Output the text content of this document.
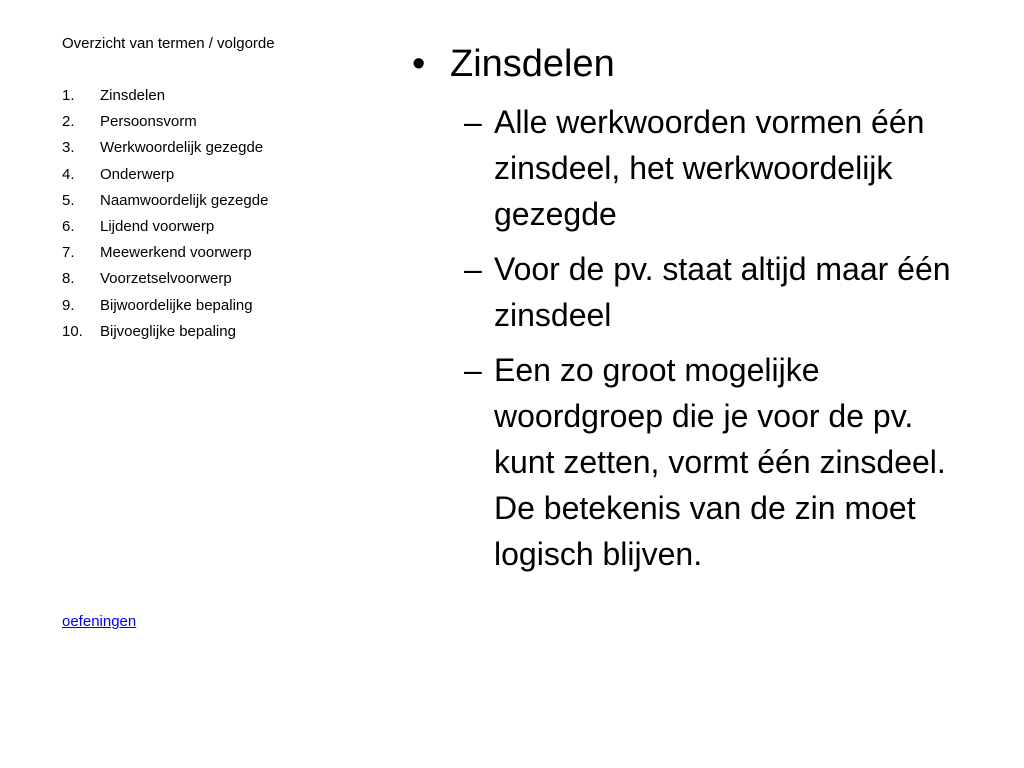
Overzicht van termen / volgorde
1.	Zinsdelen
2.	Persoonsvorm
3.	Werkwoordelijk gezegde
4.	Onderwerp
5.	Naamwoordelijk gezegde
6.	Lijdend voorwerp
7.	Meewerkend voorwerp
8.	Voorzetselvoorwerp
9.	Bijwoordelijke bepaling
10.	Bijvoeglijke bepaling
oefeningen
• Zinsdelen
– Alle werkwoorden vormen één zinsdeel, het werkwoordelijk gezegde
– Voor de pv. staat altijd maar één zinsdeel
– Een zo groot mogelijke woordgroep die je voor de pv. kunt zetten, vormt één zinsdeel. De betekenis van de zin moet logisch blijven.
